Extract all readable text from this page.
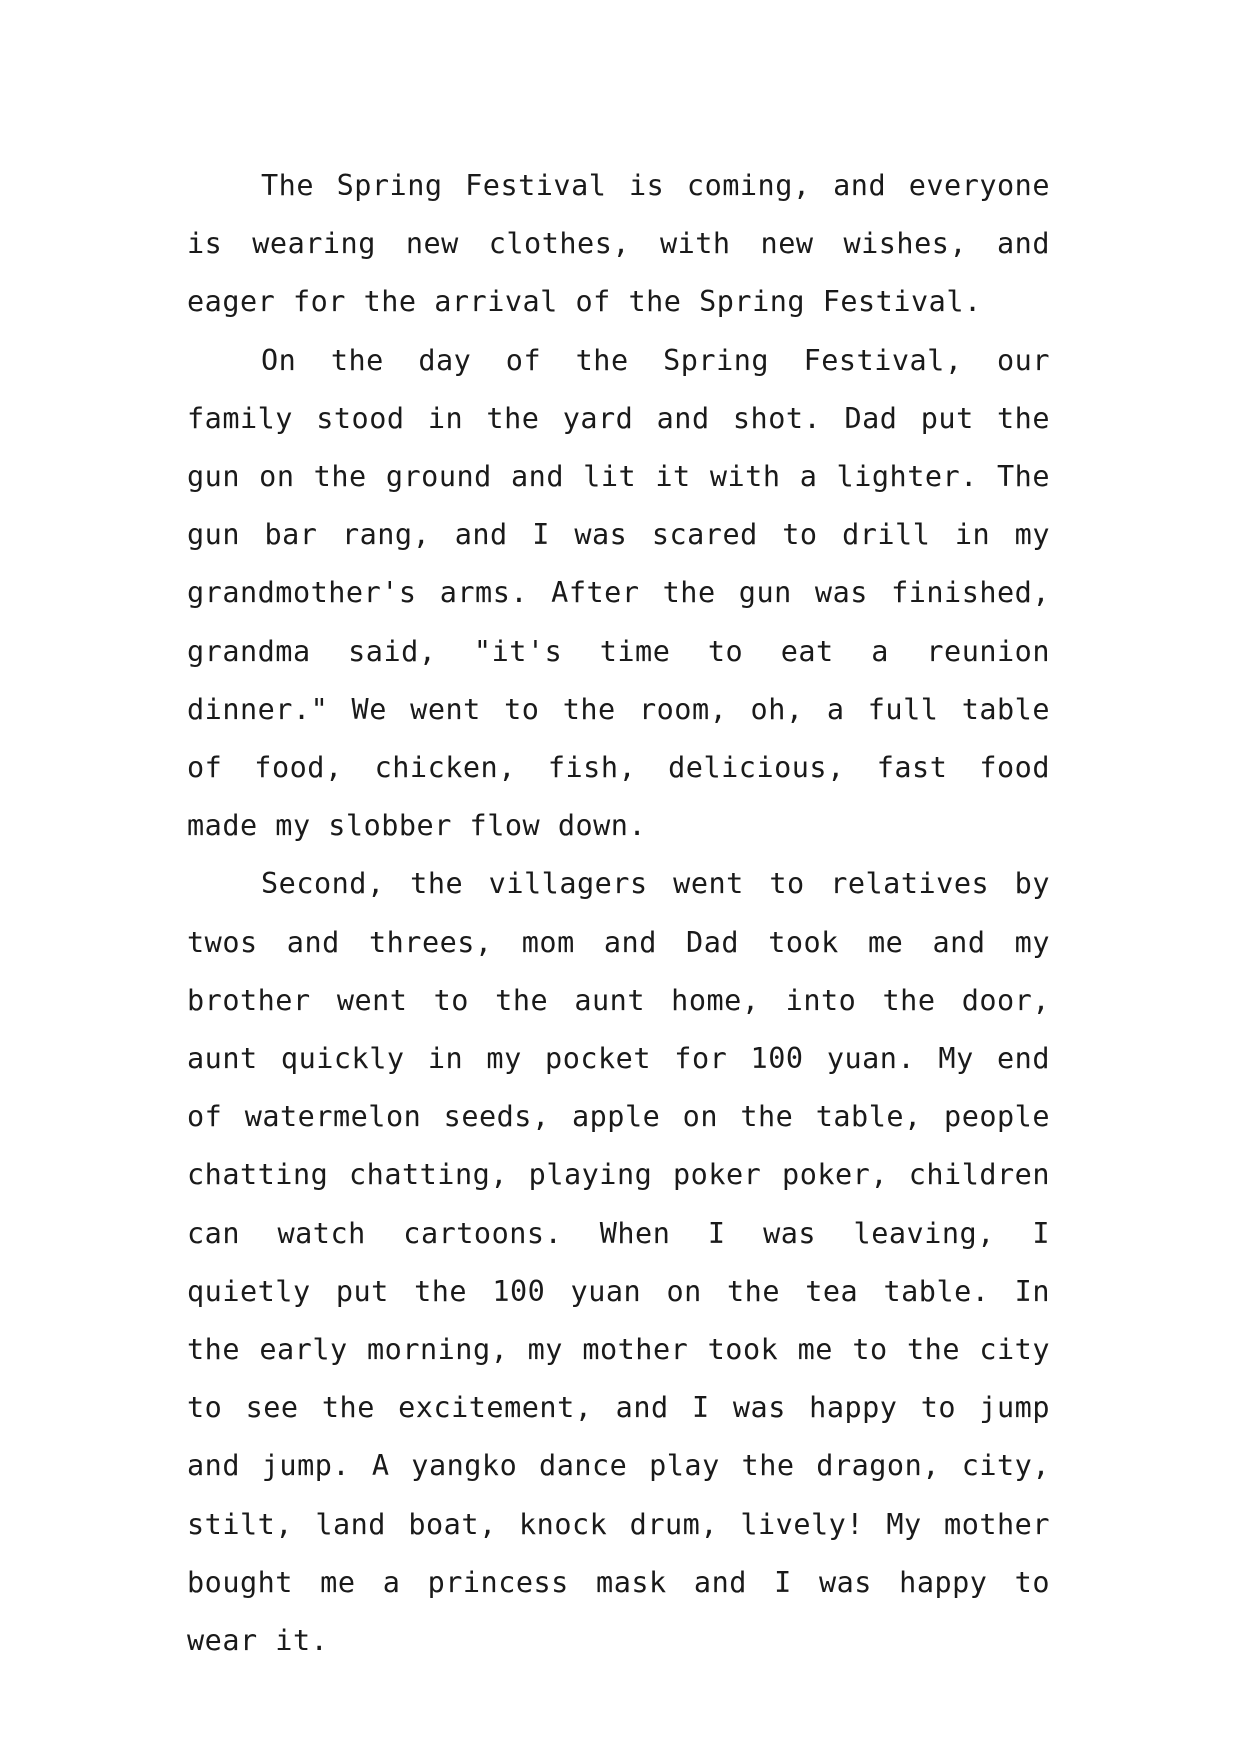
The Spring Festival is coming, and everyone is wearing new clothes, with new wishes, and eager for the arrival of the Spring Festival.

On the day of the Spring Festival, our family stood in the yard and shot. Dad put the gun on the ground and lit it with a lighter. The gun bar rang, and I was scared to drill in my grandmother's arms. After the gun was finished, grandma said, "it's time to eat a reunion dinner." We went to the room, oh, a full table of food, chicken, fish, delicious, fast food made my slobber flow down.

Second, the villagers went to relatives by twos and threes, mom and Dad took me and my brother went to the aunt home, into the door, aunt quickly in my pocket for 100 yuan. My end of watermelon seeds, apple on the table, people chatting chatting, playing poker poker, children can watch cartoons. When I was leaving, I quietly put the 100 yuan on the tea table. In the early morning, my mother took me to the city to see the excitement, and I was happy to jump and jump. A yangko dance play the dragon, city, stilt, land boat, knock drum, lively! My mother bought me a princess mask and I was happy to wear it.
